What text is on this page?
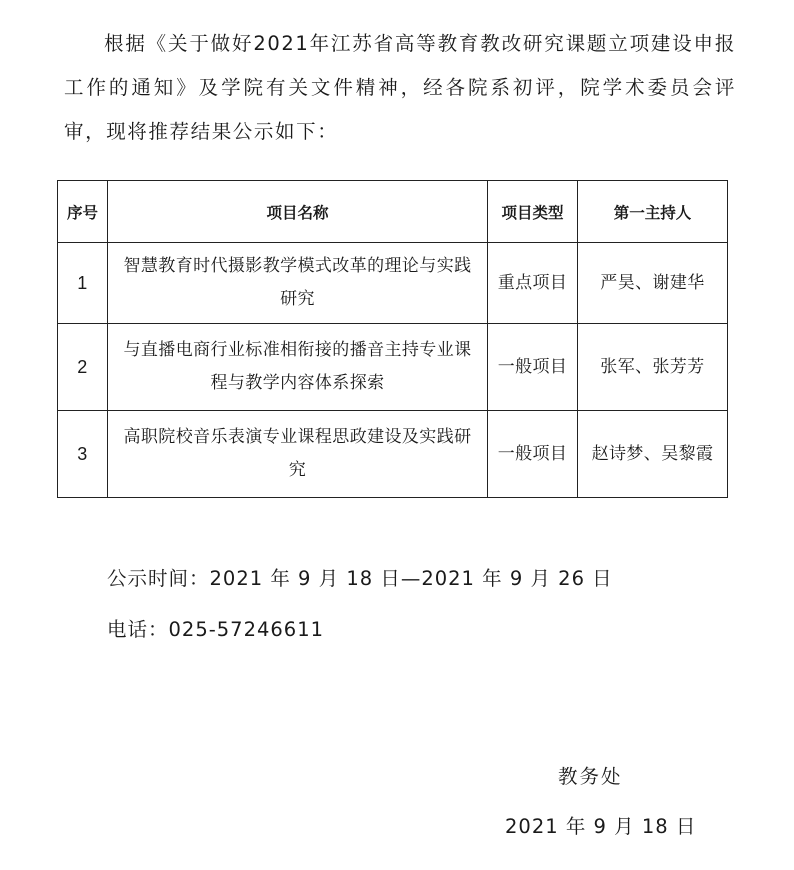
根据《关于做好2021年江苏省高等教育教改研究课题立项建设申报工作的通知》及学院有关文件精神，经各院系初评，院学术委员会评审，现将推荐结果公示如下：

序号	项目名称	项目类型	第一主持人
1	智慧教育时代摄影教学模式改革的理论与实践研究	重点项目	严昊、谢建华
2	与直播电商行业标准相衔接的播音主持专业课程与教学内容体系探索	一般项目	张军、张芳芳
3	高职院校音乐表演专业课程思政建设及实践研究	一般项目	赵诗梦、吴黎霞
公示时间：2021 年 9 月 18 日—2021 年 9 月 26 日
电话：025-57246611
教务处
2021 年 9 月 18 日
